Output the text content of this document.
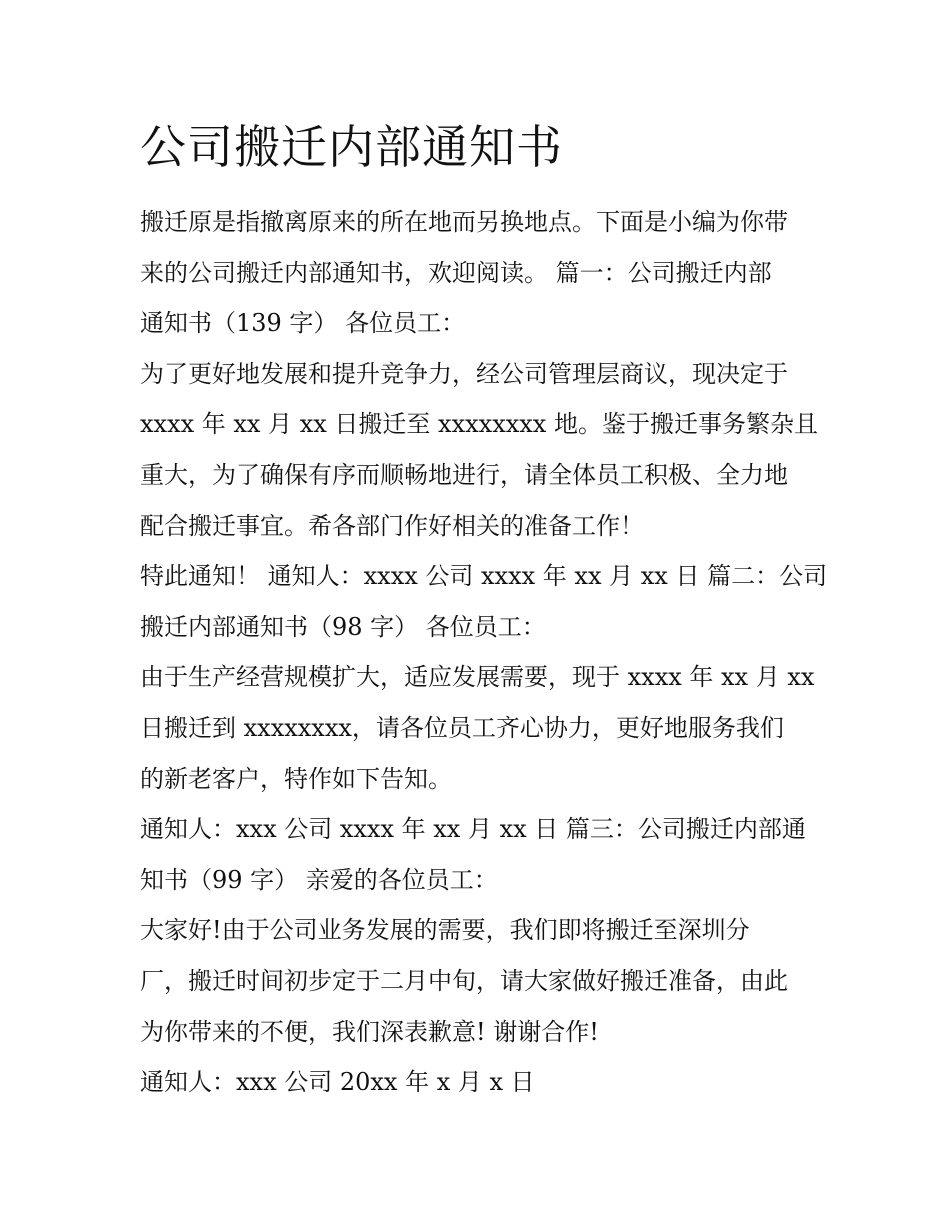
公司搬迁内部通知书
搬迁原是指撤离原来的所在地而另换地点。下面是小编为你带
来的公司搬迁内部通知书，欢迎阅读。 篇一：公司搬迁内部
通知书（139 字） 各位员工：
为了更好地发展和提升竞争力，经公司管理层商议，现决定于
xxxx 年 xx 月 xx 日搬迁至 xxxxxxxx 地。鉴于搬迁事务繁杂且
重大，为了确保有序而顺畅地进行，请全体员工积极、全力地
配合搬迁事宜。希各部门作好相关的准备工作！
特此通知！ 通知人：xxxx 公司 xxxx 年 xx 月 xx 日 篇二：公司
搬迁内部通知书（98 字） 各位员工：
由于生产经营规模扩大，适应发展需要，现于 xxxx 年 xx 月 xx
日搬迁到 xxxxxxxx，请各位员工齐心协力，更好地服务我们
的新老客户，特作如下告知。
通知人：xxx 公司 xxxx 年 xx 月 xx 日 篇三：公司搬迁内部通
知书（99 字） 亲爱的各位员工：
大家好!由于公司业务发展的需要，我们即将搬迁至深圳分
厂，搬迁时间初步定于二月中旬，请大家做好搬迁准备，由此
为你带来的不便，我们深表歉意! 谢谢合作!
通知人：xxx 公司 20xx 年 x 月 x 日
